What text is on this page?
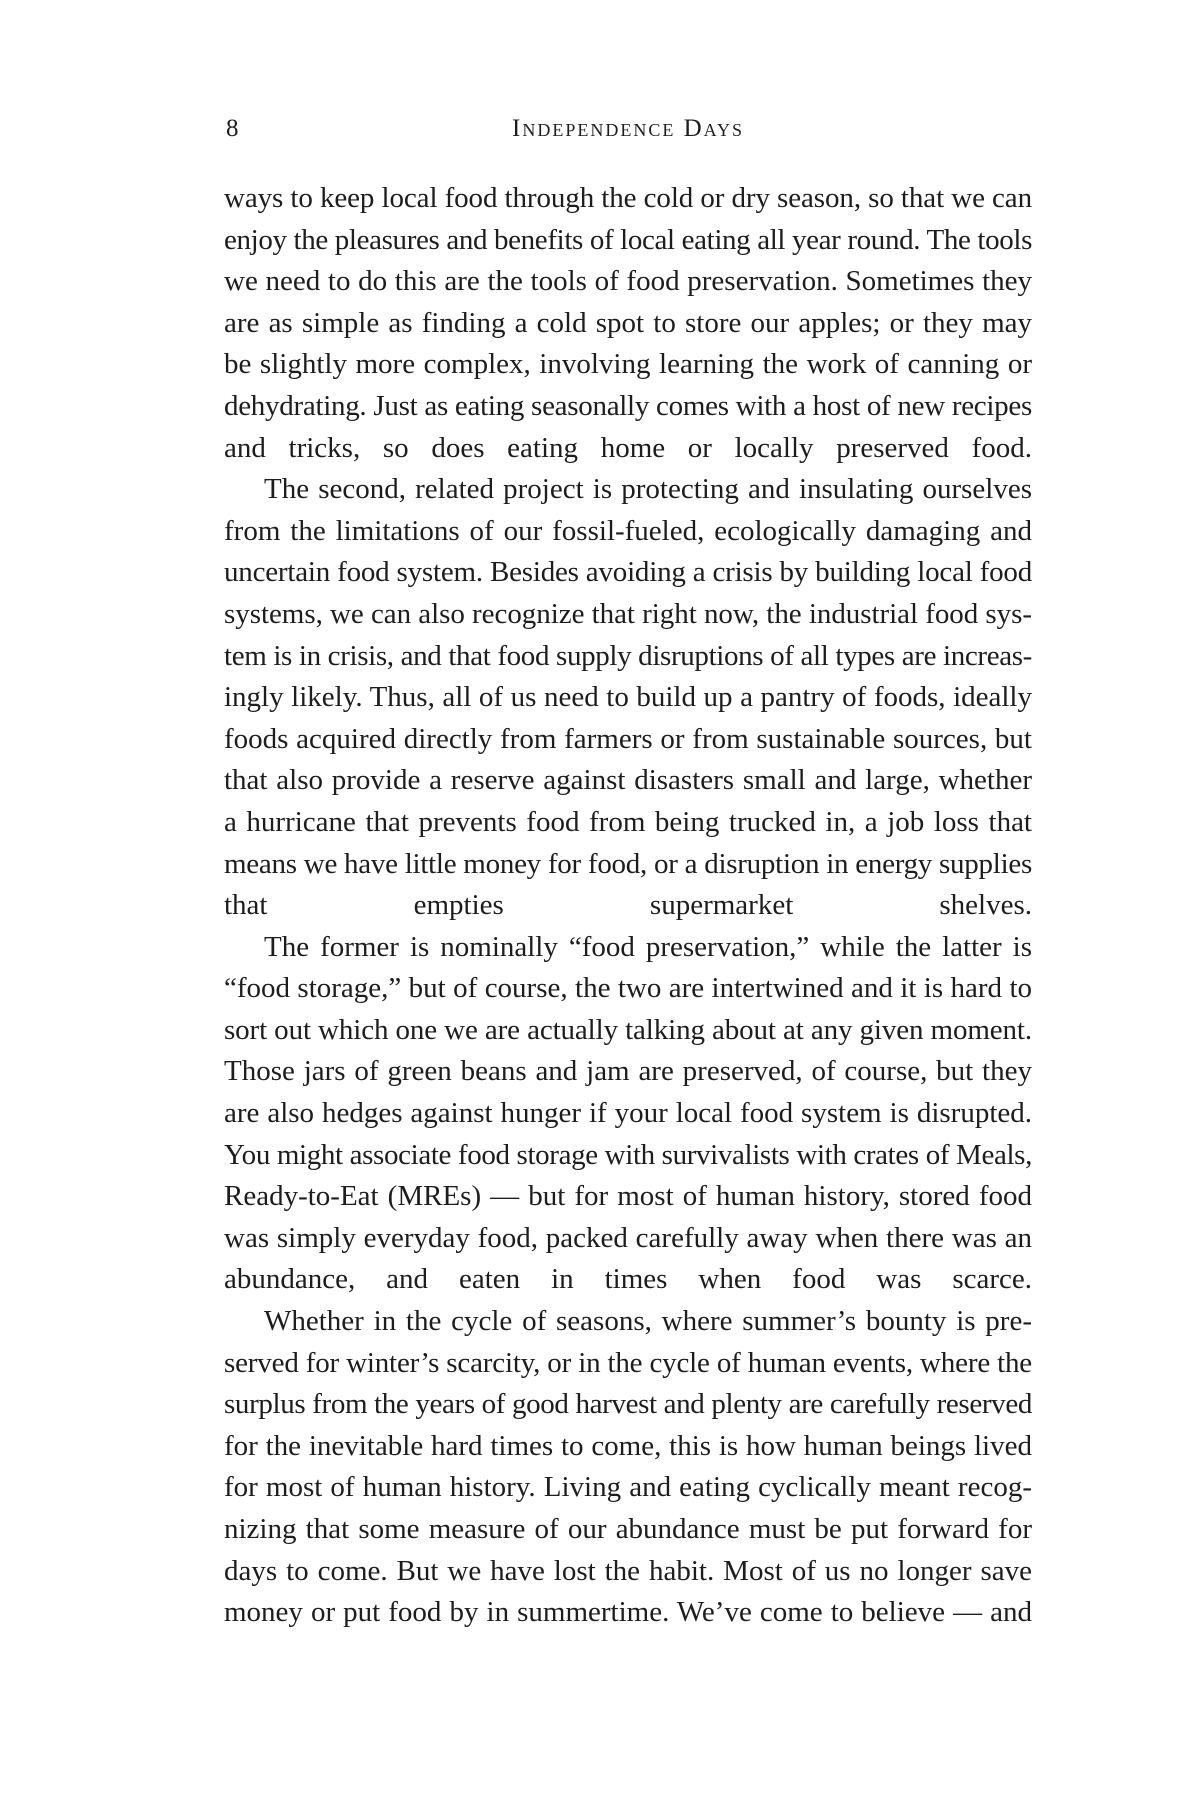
8	Independence Days
ways to keep local food through the cold or dry season, so that we can
enjoy the pleasures and benefits of local eating all year round. The tools
we need to do this are the tools of food preservation. Sometimes they
are as simple as finding a cold spot to store our apples; or they may
be slightly more complex, involving learning the work of canning or
dehydrating. Just as eating seasonally comes with a host of new recipes
and tricks, so does eating home or locally preserved food.
The second, related project is protecting and insulating ourselves
from the limitations of our fossil-fueled, ecologically damaging and
uncertain food system. Besides avoiding a crisis by building local food
systems, we can also recognize that right now, the industrial food sys-
tem is in crisis, and that food supply disruptions of all types are increas-
ingly likely. Thus, all of us need to build up a pantry of foods, ideally
foods acquired directly from farmers or from sustainable sources, but
that also provide a reserve against disasters small and large, whether
a hurricane that prevents food from being trucked in, a job loss that
means we have little money for food, or a disruption in energy supplies
that empties supermarket shelves.
The former is nominally “food preservation,” while the latter is
“food storage,” but of course, the two are intertwined and it is hard to
sort out which one we are actually talking about at any given moment.
Those jars of green beans and jam are preserved, of course, but they
are also hedges against hunger if your local food system is disrupted.
You might associate food storage with survivalists with crates of Meals,
Ready-to-Eat (MREs) — but for most of human history, stored food
was simply everyday food, packed carefully away when there was an
abundance, and eaten in times when food was scarce.
Whether in the cycle of seasons, where summer’s bounty is pre-
served for winter’s scarcity, or in the cycle of human events, where the
surplus from the years of good harvest and plenty are carefully reserved
for the inevitable hard times to come, this is how human beings lived
for most of human history. Living and eating cyclically meant recog-
nizing that some measure of our abundance must be put forward for
days to come. But we have lost the habit. Most of us no longer save
money or put food by in summertime. We’ve come to believe — and
